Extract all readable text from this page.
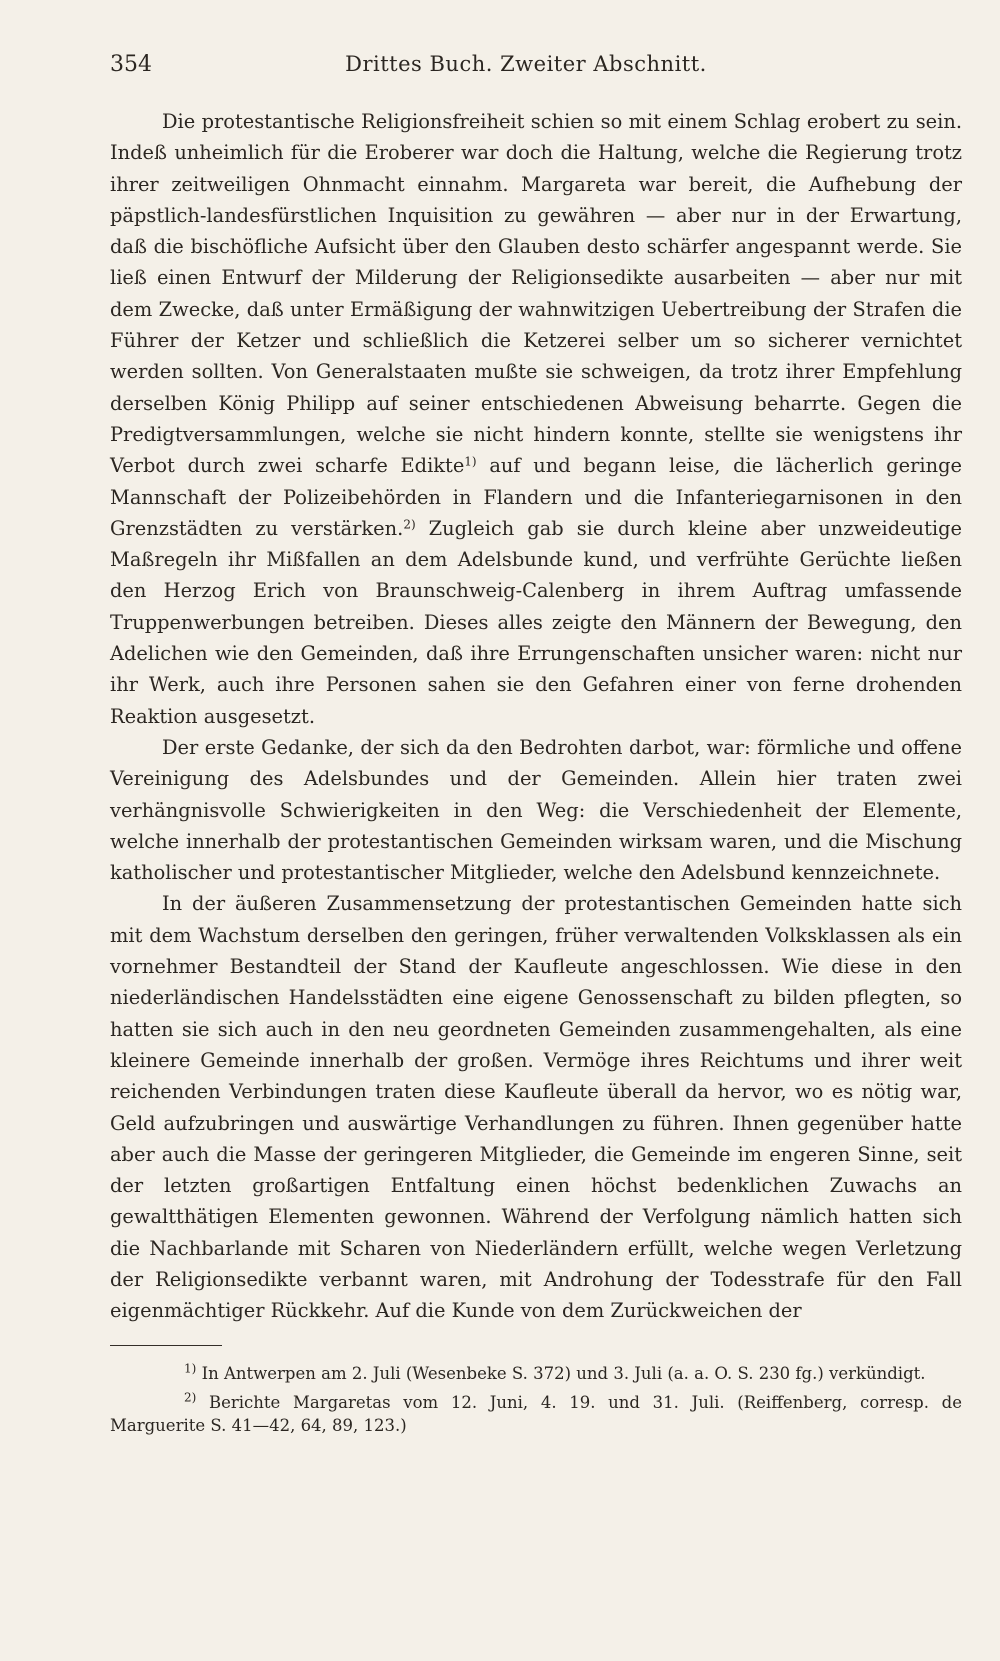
354	Drittes Buch. Zweiter Abschnitt.

Die protestantische Religionsfreiheit schien so mit einem Schlag erobert zu sein. Indeß unheimlich für die Eroberer war doch die Haltung, welche die Regierung trotz ihrer zeitweiligen Ohnmacht einnahm. Margareta war bereit, die Aufhebung der päpstlich-landesfürstlichen Inquisition zu gewähren — aber nur in der Erwartung, daß die bischöfliche Aufsicht über den Glauben desto schärfer angespannt werde. Sie ließ einen Entwurf der Milderung der Religionsedikte ausarbeiten — aber nur mit dem Zwecke, daß unter Ermäßigung der wahnwitzigen Uebertreibung der Strafen die Führer der Ketzer und schließlich die Ketzerei selber um so sicherer vernichtet werden sollten. Von Generalstaaten mußte sie schweigen, da trotz ihrer Empfehlung derselben König Philipp auf seiner entschiedenen Abweisung beharrte. Gegen die Predigtversammlungen, welche sie nicht hindern konnte, stellte sie wenigstens ihr Verbot durch zwei scharfe Edikte$^{1)}$ auf und begann leise, die lächerlich geringe Mannschaft der Polizeibehörden in Flandern und die Infanteriegarnisonen in den Grenzstädten zu verstärken.$^{2)}$ Zugleich gab sie durch kleine aber unzweideutige Maßregeln ihr Mißfallen an dem Adelsbunde kund, und verfrühte Gerüchte ließen den Herzog Erich von Braunschweig-Calenberg in ihrem Auftrag umfassende Truppenwerbungen betreiben. Dieses alles zeigte den Männern der Bewegung, den Adelichen wie den Gemeinden, daß ihre Errungenschaften unsicher waren: nicht nur ihr Werk, auch ihre Personen sahen sie den Gefahren einer von ferne drohenden Reaktion ausgesetzt.

Der erste Gedanke, der sich da den Bedrohten darbot, war: förmliche und offene Vereinigung des Adelsbundes und der Gemeinden. Allein hier traten zwei verhängnisvolle Schwierigkeiten in den Weg: die Verschiedenheit der Elemente, welche innerhalb der protestantischen Gemeinden wirksam waren, und die Mischung katholischer und protestantischer Mitglieder, welche den Adelsbund kennzeichnete.

In der äußeren Zusammensetzung der protestantischen Gemeinden hatte sich mit dem Wachstum derselben den geringen, früher verwaltenden Volksklassen als ein vornehmer Bestandteil der Stand der Kaufleute angeschlossen. Wie diese in den niederländischen Handelsstädten eine eigene Genossenschaft zu bilden pflegten, so hatten sie sich auch in den neu geordneten Gemeinden zusammengehalten, als eine kleinere Gemeinde innerhalb der großen. Vermöge ihres Reichtums und ihrer weit reichenden Verbindungen traten diese Kaufleute überall da hervor, wo es nötig war, Geld aufzubringen und auswärtige Verhandlungen zu führen. Ihnen gegenüber hatte aber auch die Masse der geringeren Mitglieder, die Gemeinde im engeren Sinne, seit der letzten großartigen Entfaltung einen höchst bedenklichen Zuwachs an gewaltthätigen Elementen gewonnen. Während der Verfolgung nämlich hatten sich die Nachbarlande mit Scharen von Niederländern erfüllt, welche wegen Verletzung der Religionsedikte verbannt waren, mit Androhung der Todesstrafe für den Fall eigenmächtiger Rückkehr. Auf die Kunde von dem Zurückweichen der

$^{1)}$ In Antwerpen am 2. Juli (Wesenbeke S. 372) und 3. Juli (a. a. O. S. 230 fg.) verkündigt.

$^{2)}$ Berichte Margaretas vom 12. Juni, 4. 19. und 31. Juli. (Reiffenberg, corresp. de Marguerite S. 41—42, 64, 89, 123.)
